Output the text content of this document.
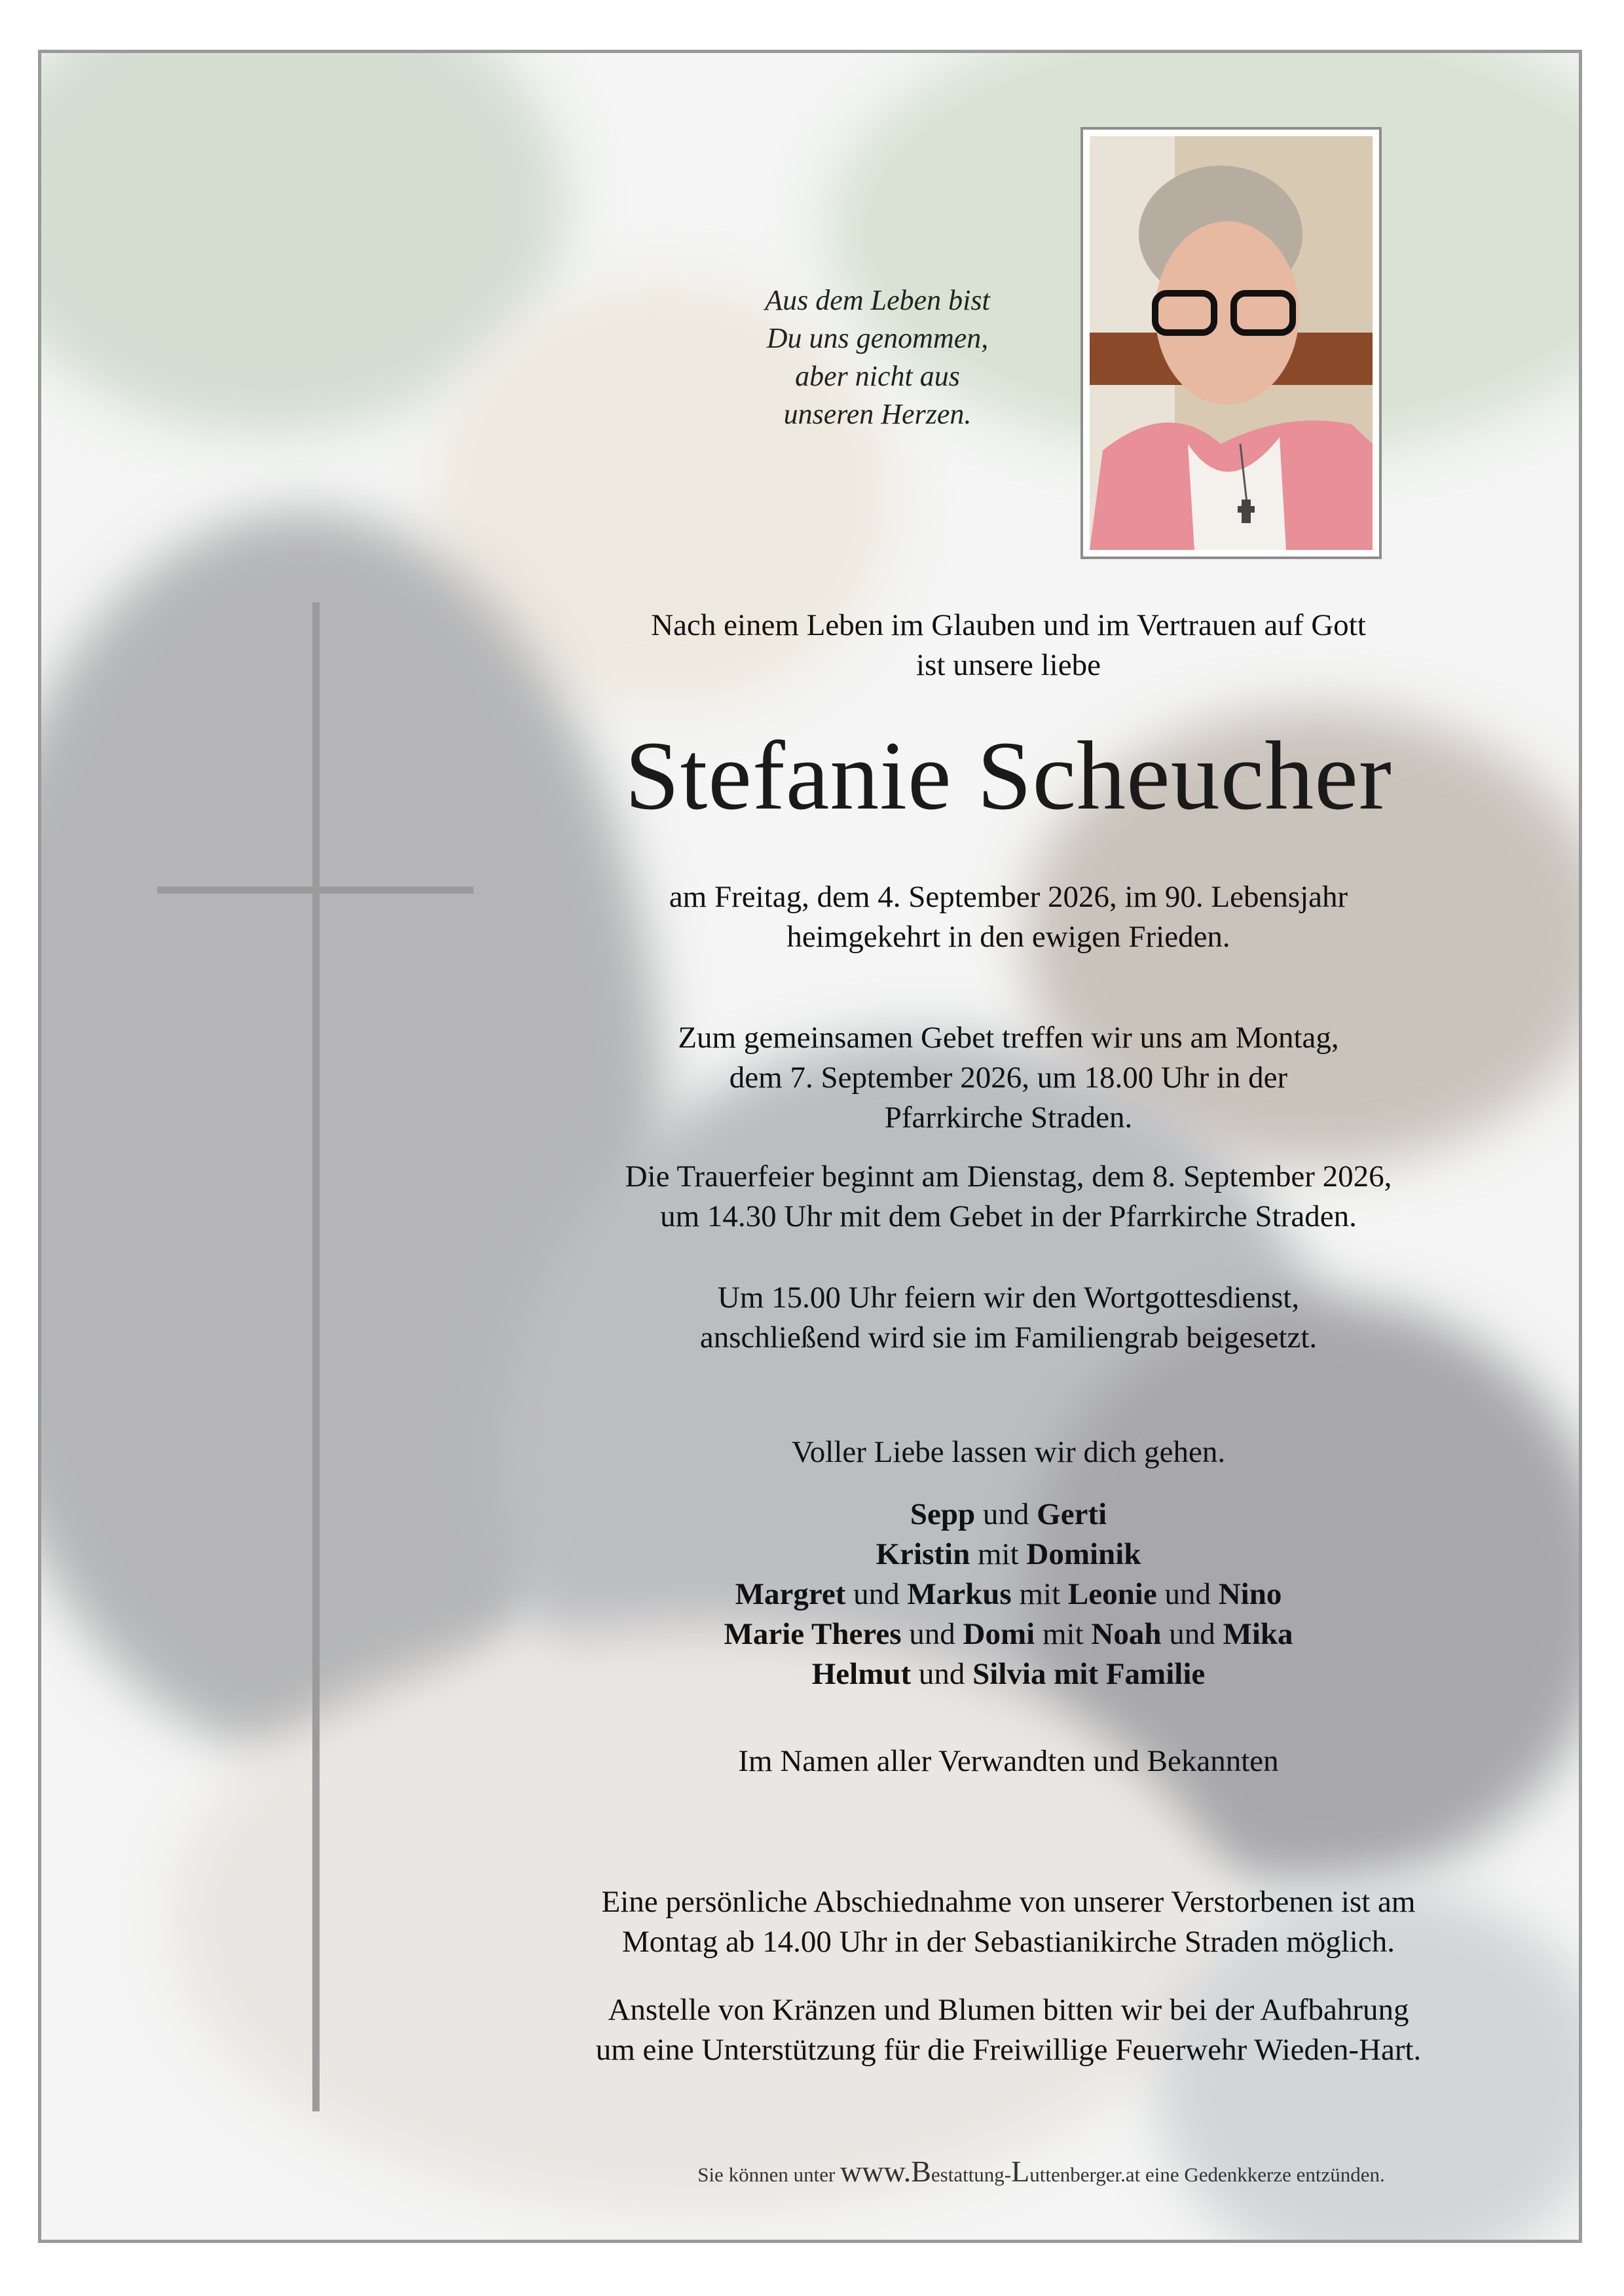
Aus dem Leben bist
Du uns genommen,
aber nicht aus
unseren Herzen.
Nach einem Leben im Glauben und im Vertrauen auf Gott
ist unsere liebe
Stefanie Scheucher
am Freitag, dem 4. September 2026, im 90. Lebensjahr
heimgekehrt in den ewigen Frieden.
Zum gemeinsamen Gebet treffen wir uns am Montag,
dem 7. September 2026, um 18.00 Uhr in der
Pfarrkirche Straden.
Die Trauerfeier beginnt am Dienstag, dem 8. September 2026,
um 14.30 Uhr mit dem Gebet in der Pfarrkirche Straden.
Um 15.00 Uhr feiern wir den Wortgottesdienst,
anschließend wird sie im Familiengrab beigesetzt.
Voller Liebe lassen wir dich gehen.
Sepp und Gerti
Kristin mit Dominik
Margret und Markus mit Leonie und Nino
Marie Theres und Domi mit Noah und Mika
Helmut und Silvia mit Familie
Im Namen aller Verwandten und Bekannten
Eine persönliche Abschiednahme von unserer Verstorbenen ist am
Montag ab 14.00 Uhr in der Sebastianikirche Straden möglich.
Anstelle von Kränzen und Blumen bitten wir bei der Aufbahrung
um eine Unterstützung für die Freiwillige Feuerwehr Wieden-Hart.
Sie können unter www.Bestattung-Luttenberger.at eine Gedenkkerze entzünden.
